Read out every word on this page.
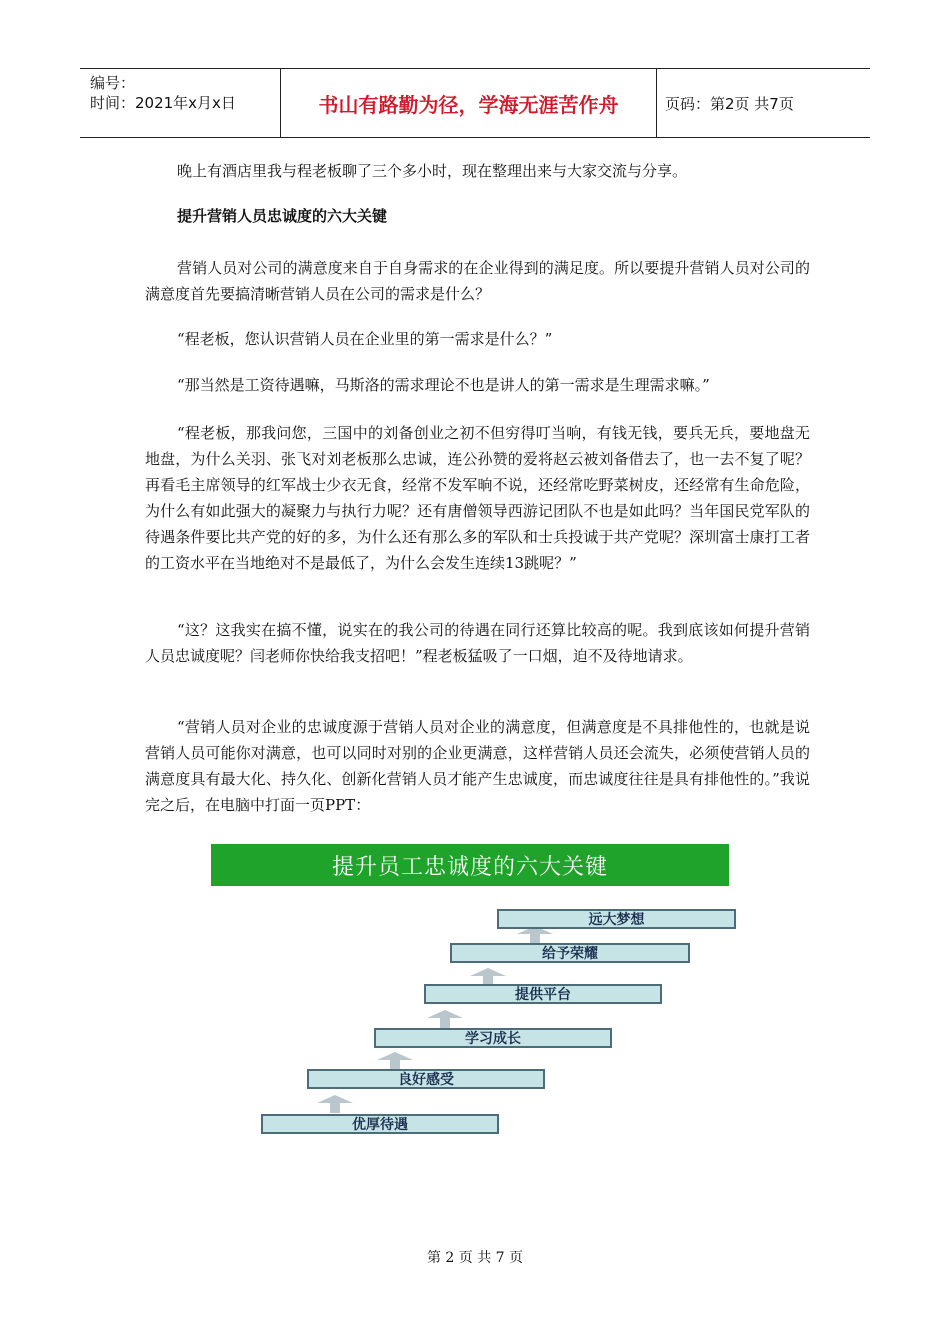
编号：
时间：2021年x月x日	书山有路勤为径，学海无涯苦作舟	页码：第2页 共7页

晚上有酒店里我与程老板聊了三个多小时，现在整理出来与大家交流与分享。

提升营销人员忠诚度的六大关键

营销人员对公司的满意度来自于自身需求的在企业得到的满足度。所以要提升营销人员对公司的满意度首先要搞清晰营销人员在公司的需求是什么？

“程老板，您认识营销人员在企业里的第一需求是什么？”

“那当然是工资待遇嘛，马斯洛的需求理论不也是讲人的第一需求是生理需求嘛。”

“程老板，那我问您，三国中的刘备创业之初不但穷得叮当响，有钱无钱，要兵无兵，要地盘无地盘，为什么关羽、张飞对刘老板那么忠诚，连公孙赞的爱将赵云被刘备借去了，也一去不复了呢？再看毛主席领导的红军战士少衣无食，经常不发军晌不说，还经常吃野菜树皮，还经常有生命危险，为什么有如此强大的凝聚力与执行力呢？还有唐僧领导西游记团队不也是如此吗？当年国民党军队的待遇条件要比共产党的好的多，为什么还有那么多的军队和士兵投诚于共产党呢？深圳富士康打工者的工资水平在当地绝对不是最低了，为什么会发生连续13跳呢？”

“这？这我实在搞不懂，说实在的我公司的待遇在同行还算比较高的呢。我到底该如何提升营销人员忠诚度呢？闫老师你快给我支招吧！”程老板猛吸了一口烟，迫不及待地请求。

“营销人员对企业的忠诚度源于营销人员对企业的满意度，但满意度是不具排他性的，也就是说营销人员可能你对满意，也可以同时对别的企业更满意，这样营销人员还会流失，必须使营销人员的满意度具有最大化、持久化、创新化营销人员才能产生忠诚度，而忠诚度往往是具有排他性的。”我说完之后，在电脑中打面一页PPT：

提升员工忠诚度的六大关键
远大梦想
给予荣耀
提供平台
学习成长
良好感受
优厚待遇
第 2 页 共 7 页
